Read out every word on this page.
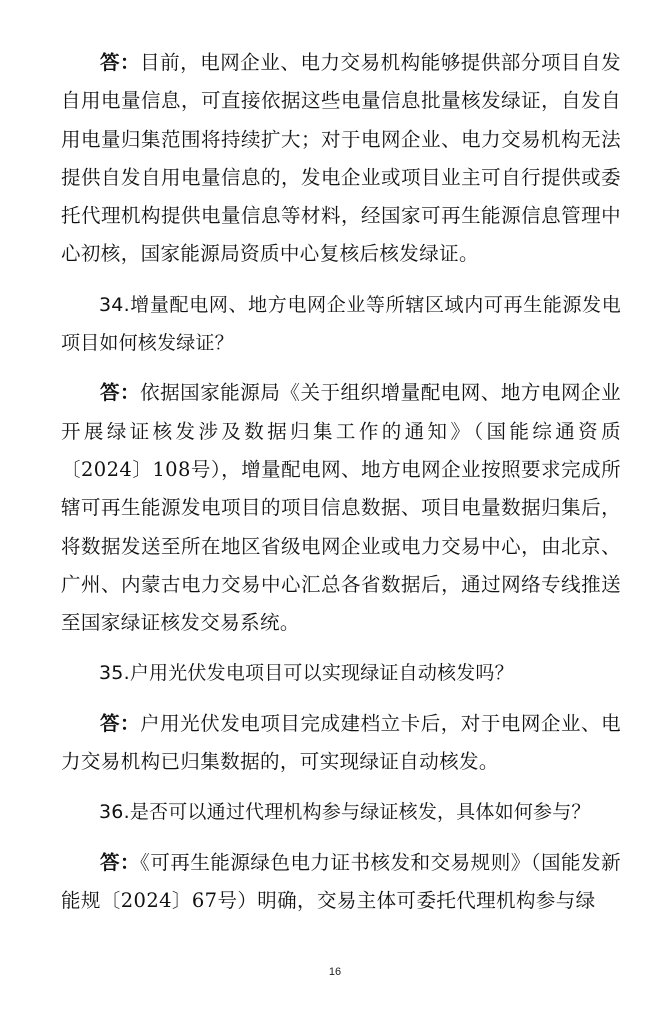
答：目前，电网企业、电力交易机构能够提供部分项目自发自用电量信息，可直接依据这些电量信息批量核发绿证，自发自用电量归集范围将持续扩大；对于电网企业、电力交易机构无法提供自发自用电量信息的，发电企业或项目业主可自行提供或委托代理机构提供电量信息等材料，经国家可再生能源信息管理中心初核，国家能源局资质中心复核后核发绿证。

34.增量配电网、地方电网企业等所辖区域内可再生能源发电项目如何核发绿证？

答：依据国家能源局《关于组织增量配电网、地方电网企业开展绿证核发涉及数据归集工作的通知》（国能综通资质〔2024〕108号），增量配电网、地方电网企业按照要求完成所辖可再生能源发电项目的项目信息数据、项目电量数据归集后，将数据发送至所在地区省级电网企业或电力交易中心，由北京、广州、内蒙古电力交易中心汇总各省数据后，通过网络专线推送至国家绿证核发交易系统。

35.户用光伏发电项目可以实现绿证自动核发吗？

答：户用光伏发电项目完成建档立卡后，对于电网企业、电力交易机构已归集数据的，可实现绿证自动核发。

36.是否可以通过代理机构参与绿证核发，具体如何参与？

答：《可再生能源绿色电力证书核发和交易规则》（国能发新能规〔2024〕67号）明确，交易主体可委托代理机构参与绿

16
